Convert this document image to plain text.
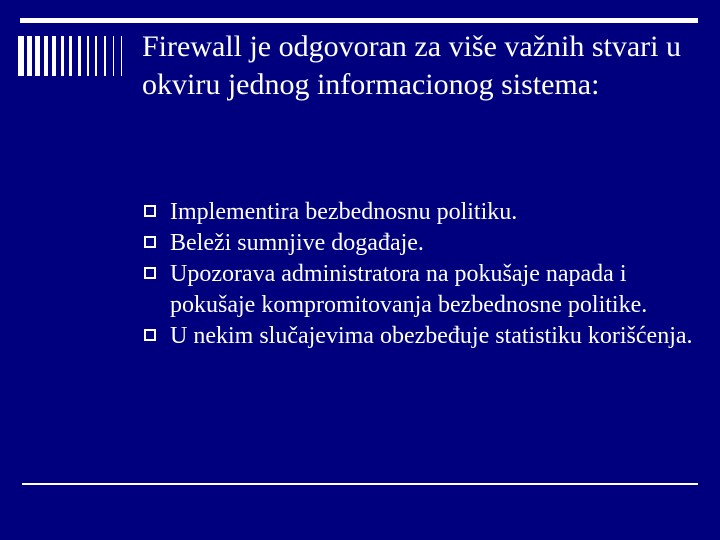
Firewall je odgovoran za više važnih stvari u okviru jednog informacionog sistema:
Implementira bezbednosnu politiku.
Beleži sumnjive događaje.
Upozorava administratora na pokušaje napada i pokušaje kompromitovanja bezbednosne politike.
U nekim slučajevima obezbeđuje statistiku korišćenja.
